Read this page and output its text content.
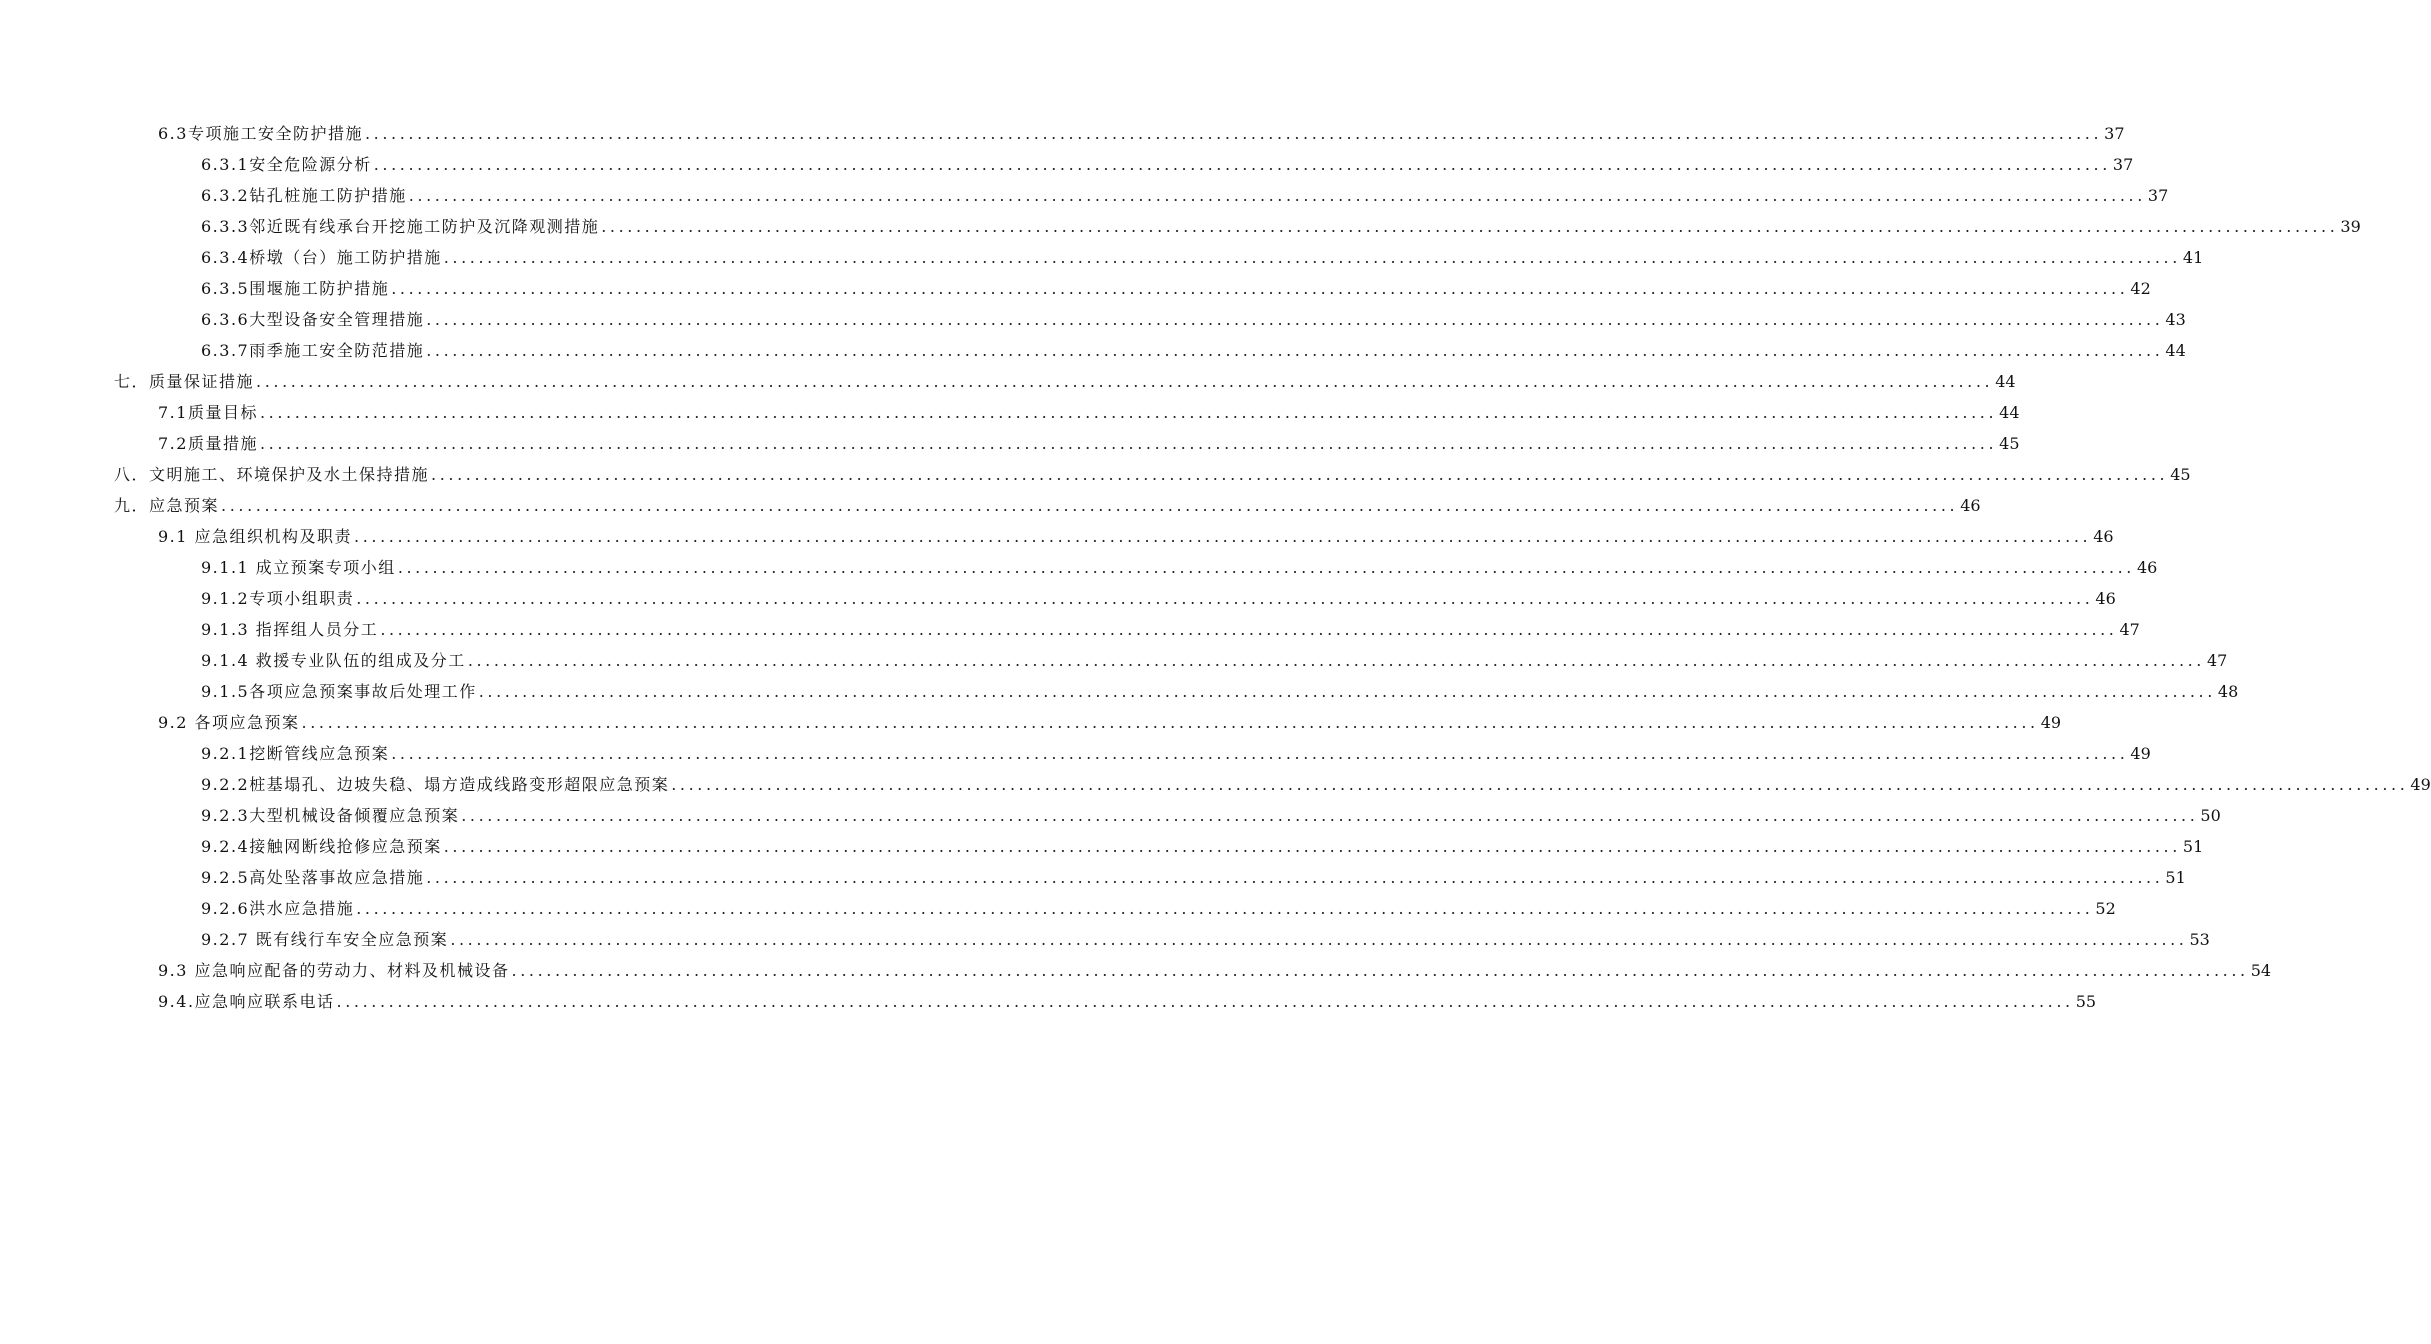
6.3专项施工安全防护措施 ........................................................................................................................................................................................................ 37
6.3.1安全危险源分析 ........................................................................................................................................................................................................ 37
6.3.2钻孔桩施工防护措施 ........................................................................................................................................................................................................ 37
6.3.3邻近既有线承台开挖施工防护及沉降观测措施 ........................................................................................................................................................................................................ 39
6.3.4桥墩（台）施工防护措施 ........................................................................................................................................................................................................ 41
6.3.5围堰施工防护措施 ........................................................................................................................................................................................................ 42
6.3.6大型设备安全管理措施 ........................................................................................................................................................................................................ 43
6.3.7雨季施工安全防范措施 ........................................................................................................................................................................................................ 44
七．质量保证措施 ........................................................................................................................................................................................................ 44
7.1质量目标 ........................................................................................................................................................................................................ 44
7.2质量措施 ........................................................................................................................................................................................................ 45
八．文明施工、环境保护及水土保持措施 ........................................................................................................................................................................................................ 45
九．应急预案 ........................................................................................................................................................................................................ 46
9.1 应急组织机构及职责 ........................................................................................................................................................................................................ 46
9.1.1 成立预案专项小组 ........................................................................................................................................................................................................ 46
9.1.2专项小组职责 ........................................................................................................................................................................................................ 46
9.1.3 指挥组人员分工 ........................................................................................................................................................................................................ 47
9.1.4 救援专业队伍的组成及分工 ........................................................................................................................................................................................................ 47
9.1.5各项应急预案事故后处理工作 ........................................................................................................................................................................................................ 48
9.2 各项应急预案 ........................................................................................................................................................................................................ 49
9.2.1挖断管线应急预案 ........................................................................................................................................................................................................ 49
9.2.2桩基塌孔、边坡失稳、塌方造成线路变形超限应急预案 ........................................................................................................................................................................................................ 49
9.2.3大型机械设备倾覆应急预案 ........................................................................................................................................................................................................ 50
9.2.4接触网断线抢修应急预案 ........................................................................................................................................................................................................ 51
9.2.5高处坠落事故应急措施 ........................................................................................................................................................................................................ 51
9.2.6洪水应急措施 ........................................................................................................................................................................................................ 52
9.2.7 既有线行车安全应急预案 ........................................................................................................................................................................................................ 53
9.3 应急响应配备的劳动力、材料及机械设备 ........................................................................................................................................................................................................ 54
9.4.应急响应联系电话 ........................................................................................................................................................................................................ 55
